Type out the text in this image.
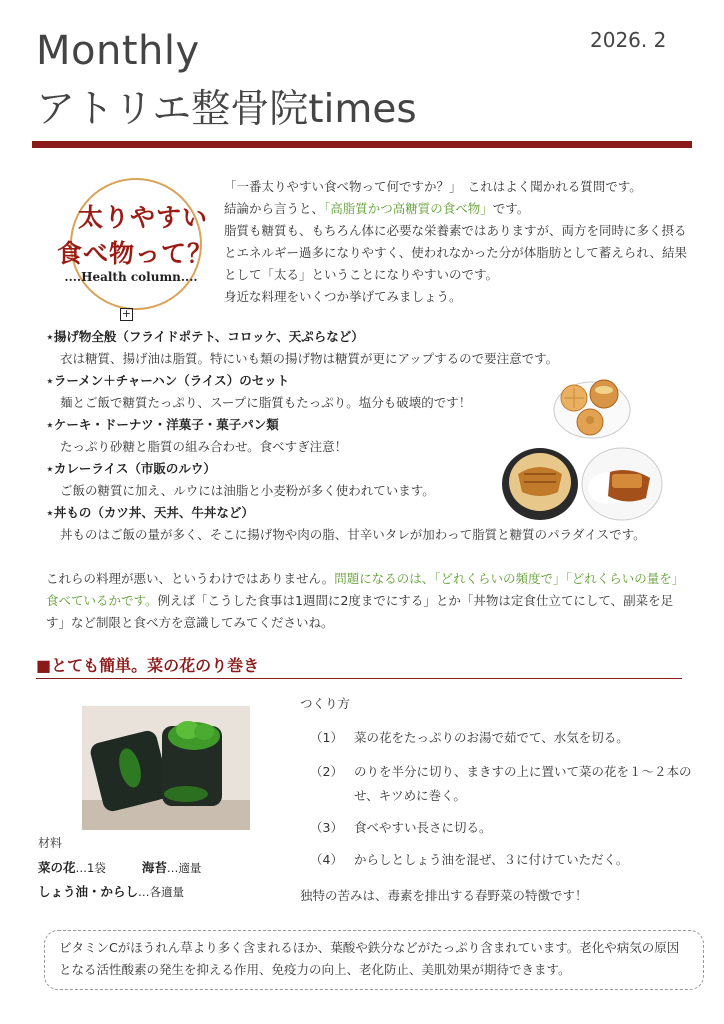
Monthly
アトリエ整骨院times
2026. 2
太りやすい
食べ物って？
....Health column....
+

「一番太りやすい食べ物って何ですか？」　これはよく聞かれる質問です。

結論から言うと、「高脂質かつ高糖質の食べ物」です。

脂質も糖質も、もちろん体に必要な栄養素ではありますが、両方を同時に多く摂るとエネルギー過多になりやすく、使われなかった分が体脂肪として蓄えられ、結果として「太る」ということになりやすいのです。

身近な料理をいくつか挙げてみましょう。

⋆揚げ物全般（フライドポテト、コロッケ、天ぷらなど）
衣は糖質、揚げ油は脂質。特にいも類の揚げ物は糖質が更にアップするので要注意です。
⋆ラーメン＋チャーハン（ライス）のセット
麺とご飯で糖質たっぷり、スープに脂質もたっぷり。塩分も破壊的です！
⋆ケーキ・ドーナツ・洋菓子・菓子パン類
たっぷり砂糖と脂質の組み合わせ。食べすぎ注意！
⋆カレーライス（市販のルウ）
ご飯の糖質に加え、ルウには油脂と小麦粉が多く使われています。
⋆丼もの（カツ丼、天丼、牛丼など）
丼ものはご飯の量が多く、そこに揚げ物や肉の脂、甘辛いタレが加わって脂質と糖質のパラダイスです。
これらの料理が悪い、というわけではありません。問題になるのは、「どれくらいの頻度で」「どれくらいの量を」食べているかです。例えば「こうした食事は1週間に2度までにする」とか「丼物は定食仕立てにして、副菜を足す」など制限と食べ方を意識してみてくださいね。
■とても簡単。菜の花のり巻き
材料
菜の花…1袋	海苔…適量
しょう油・からし…各適量
つくり方
（1） 菜の花をたっぷりのお湯で茹でて、水気を切る。
（2） のりを半分に切り、まきすの上に置いて菜の花を１～２本のせ、キツめに巻く。
（3） 食べやすい長さに切る。
（4） からしとしょう油を混ぜ、３に付けていただく。
独特の苦みは、毒素を排出する春野菜の特徴です！
ビタミンCがほうれん草より多く含まれるほか、葉酸や鉄分などがたっぷり含まれています。老化や病気の原因となる活性酸素の発生を抑える作用、免疫力の向上、老化防止、美肌効果が期待できます。
